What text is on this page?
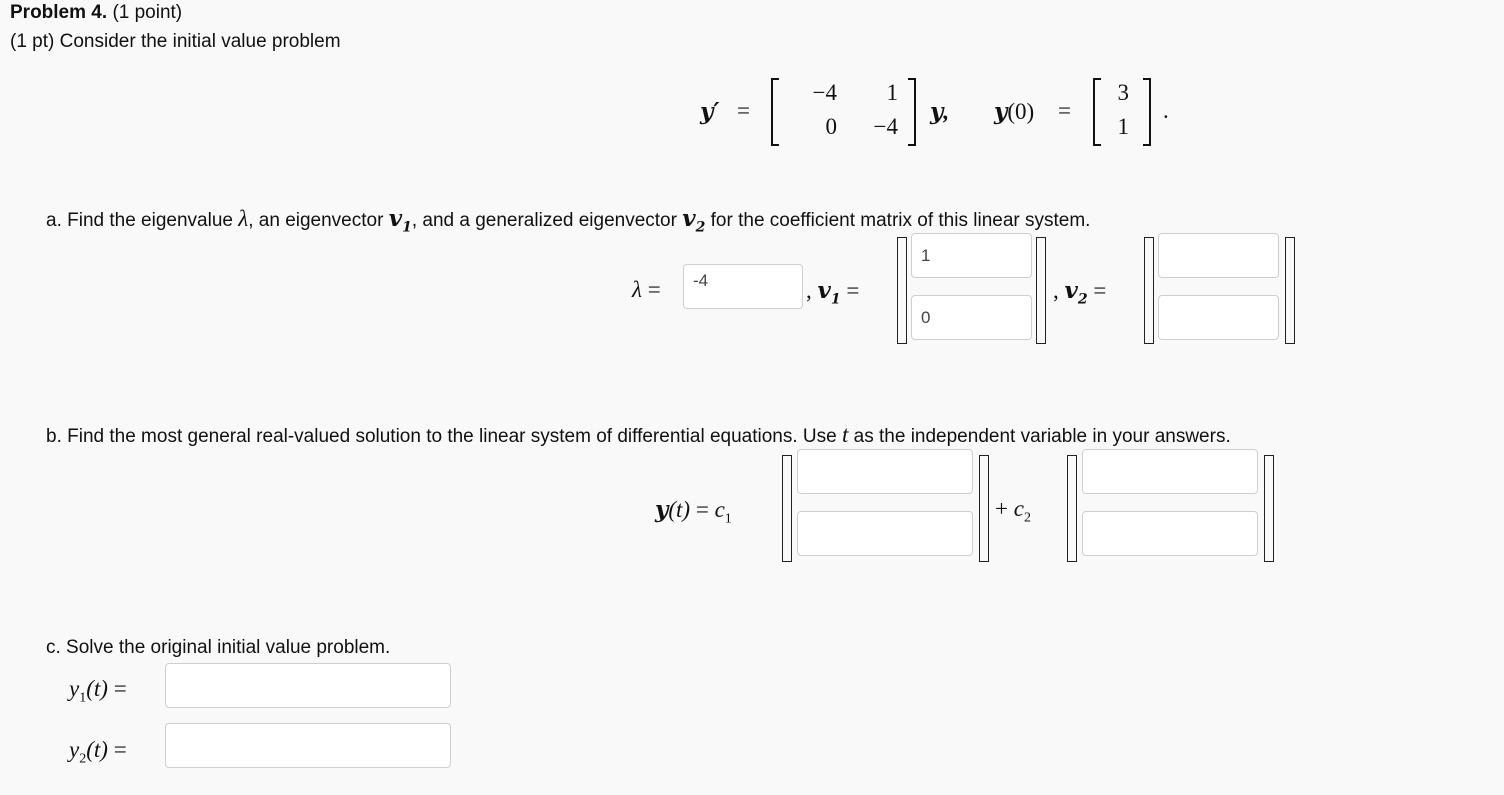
Problem 4. (1 point)
(1 pt) Consider the initial value problem
y′ =
−4	1
0	−4
y, y(0) =
3
1
.
a. Find the eigenvalue λ, an eigenvector $v_1$, and a generalized eigenvector $v_2$ for the coefficient matrix of this linear system.
λ =
-4	, $v_1$ =
1
0	, $v_2$ =
b. Find the most general real-valued solution to the linear system of differential equations. Use t as the independent variable in your answers.
$y(t) = c_1$	+ $c_2$
c. Solve the original initial value problem.
$y_1(t)$ =
$y_2(t)$ =
